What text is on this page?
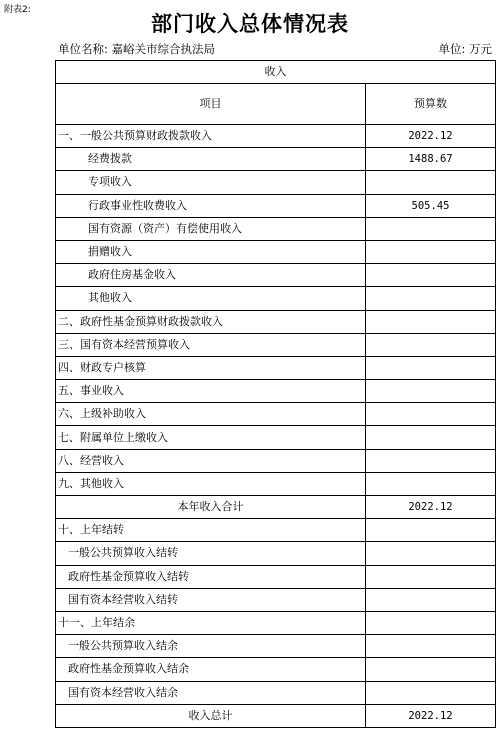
附表2:
部门收入总体情况表
单位名称: 嘉峪关市综合执法局	单位: 万元
收入	
项目	预算数
一、一般公共预算财政拨款收入	2022.12
经费拨款	1488.67
专项收入	
行政事业性收费收入	505.45
国有资源（资产）有偿使用收入	
捐赠收入	
政府住房基金收入	
其他收入	
二、政府性基金预算财政拨款收入	
三、国有资本经营预算收入	
四、财政专户核算	
五、事业收入	
六、上级补助收入	
七、附属单位上缴收入	
八、经营收入	
九、其他收入	
本年收入合计	2022.12
十、上年结转	
一般公共预算收入结转	
政府性基金预算收入结转	
国有资本经营收入结转	
十一、上年结余	
一般公共预算收入结余	
政府性基金预算收入结余	
国有资本经营收入结余	
收入总计	2022.12
